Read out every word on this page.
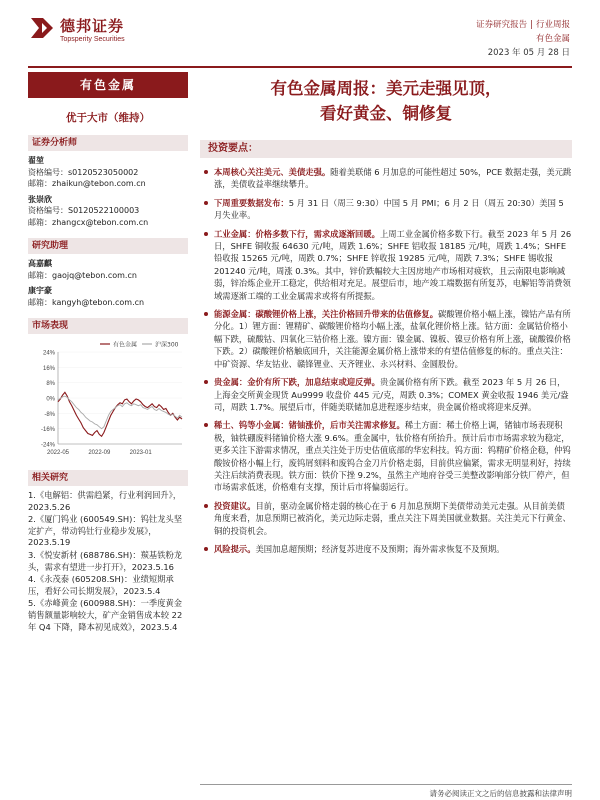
德邦证券
Topsperity Securities
证券研究报告 | 行业周报
有色金属
2023 年 05 月 28 日
有色金属
优于大市（维持）
证券分析师
翟堃
资格编号：s0120523050002
邮箱：zhaikun@tebon.com.cn
张崇欣
资格编号：S0120522100003
邮箱：zhangcx@tebon.com.cn
研究助理
高嘉麒
邮箱：gaojq@tebon.com.cn
康宇豪
邮箱：kangyh@tebon.com.cn
市场表现
24%
16%
8%
0%
-8%
-16%
-24%
2022-05	2022-09	2023-01
有色金属	沪深300
相关研究
1.《电解铝：供需趋紧，行业利润回升》，2023.5.26
2.《厦门钨业 (600549.SH)：钨钍龙头坚定扩产，带动钨钍行业稳步发展》，2023.5.19
3.《悦安新材 (688786.SH)：羰基铁粉龙头，需求有望进一步打开》，2023.5.16
4.《永茂泰 (605208.SH)：业绩短期承压，看好公司长期发展》，2023.5.4
5.《赤峰黄金 (600988.SH)：一季度黄金销售额量影响较大，矿产金销售成本较 22 年 Q4 下降，降本初见成效》，2023.5.4
有色金属周报：美元走强见顶，
看好黄金、铜修复
投资要点：
本周核心关注美元、美债走强。随着美联储 6 月加息的可能性超过 50%，PCE 数据走强，美元跳涨，美债收益率继续攀升。
下周重要数据发布：5 月 31 日（周三 9:30）中国 5 月 PMI；6 月 2 日（周五 20:30）美国 5 月失业率。
工业金属：价格多数下行，需求成逐渐回暖。上周工业金属价格多数下行。截至 2023 年 5 月 26 日，SHFE 铜收报 64630 元/吨，周跌 1.6%；SHFE 铝收报 18185 元/吨，周跌 1.4%；SHFE 铅收报 15265 元/吨，周跌 0.7%；SHFE 锌收报 19285 元/吨，周跌 7.3%；SHFE 锡收报 201240 元/吨，周涨 0.3%。其中，锌价跌幅较大主因房地产市场相对疲软，且云南限电影响减弱，锌冶炼企业开工稳定，供给相对充足。展望后市，地产竣工端数据有所复苏，电解铝等消费领域需逐渐工端的工业金属需求或将有所提振。
能源金属：碳酸锂价格上涨，关注价格回升带来的估值修复。碳酸锂价格小幅上涨，镍钴产品有所分化。1）锂方面：锂精矿、碳酸锂价格均小幅上涨，盐氧化锂价格上涨。钴方面：金属钴价格小幅下跌，硫酸钴、四氧化三钴价格上涨。镍方面：镍金属、镍板、镍豆价格有所上涨，硫酸镍价格下跌。2）碳酸锂价格触底回升，关注能源金属价格上涨带来的有望估值修复的标的。重点关注：中矿资源、华友钴业、赣锋锂业、天齐锂业、永兴材料、金圆股份。
贵金属：金价有所下跌，加息结束或迎反弹。贵金属价格有所下跌。截至 2023 年 5 月 26 日，上海金交所黄金现货 Au9999 收盘价 445 元/克，周跌 0.3%；COMEX 黄金收报 1946 美元/盎司，周跌 1.7%。展望后市，伴随美联储加息进程逐步结束，贵金属价格或将迎来反弹。
稀土、钨等小金属：锗铀涨价，后市关注需求修复。稀土方面：稀土价格上调，锗铀市场表现积极，铀铁硼废料锗铀价格大涨 9.6%。重金属中，钛价格有所抬升。预计后市市场需求较为稳定，更多关注下游需求情况，重点关注处于历史估值底部的华宏科技。钨方面：钨精矿价格企稳，仲钨酸铵价格小幅上行，废钨屑刻料和废钨合金刀片价格走弱，目前供应偏紧，需求无明显利好，持续关注后续消费表现。铁方面：铁价下挫 9.2%，虽然主产地府谷受三美整改影响部分铁厂停产，但市场需求低迷，价格难有支撑，预计后市将偏弱运行。
投资建议。目前，驱动金属价格走弱的核心在于 6 月加息预期下美债带动美元走强。从目前美债角度来看，加息预期已被消化，美元边际走弱，重点关注下周美国就业数据。关注美元下行黄金、铜的投资机会。
风险提示。美国加息超预期；经济复苏进度不及预期；海外需求恢复不及预期。
请务必阅读正文之后的信息披露和法律声明
